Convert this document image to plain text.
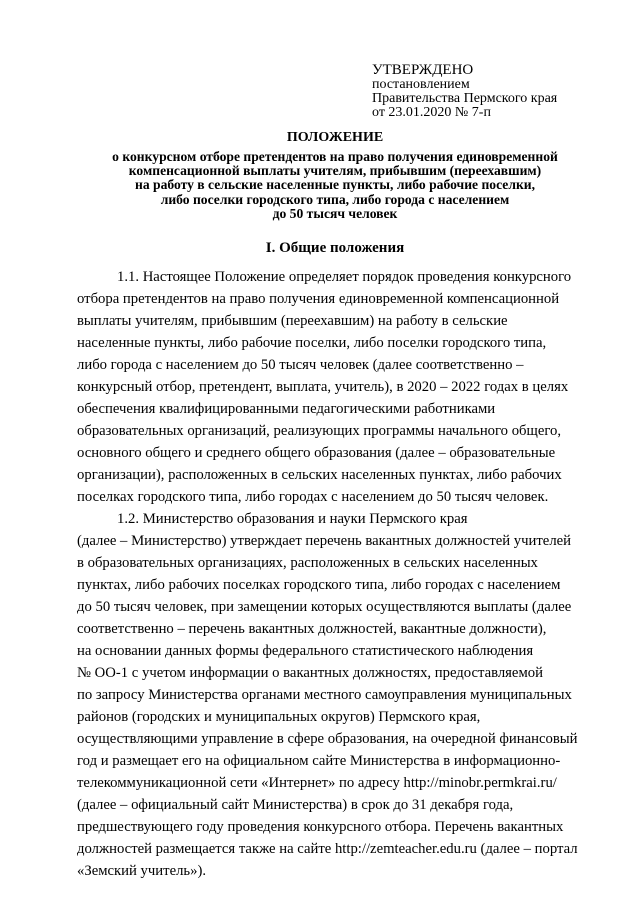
УТВЕРЖДЕНО
постановлением
Правительства Пермского края
от 23.01.2020 № 7-п
ПОЛОЖЕНИЕ
о конкурсном отборе претендентов на право получения единовременной
компенсационной выплаты учителям, прибывшим (переехавшим)
на работу в сельские населенные пункты, либо рабочие поселки,
либо поселки городского типа, либо города с населением
до 50 тысяч человек
I. Общие положения
1.1. Настоящее Положение определяет порядок проведения конкурсного
отбора претендентов на право получения единовременной компенсационной
выплаты учителям, прибывшим (переехавшим) на работу в сельские
населенные пункты, либо рабочие поселки, либо поселки городского типа,
либо города с населением до 50 тысяч человек (далее соответственно –
конкурсный отбор, претендент, выплата, учитель), в 2020 – 2022 годах в целях
обеспечения квалифицированными педагогическими работниками
образовательных организаций, реализующих программы начального общего,
основного общего и среднего общего образования (далее – образовательные
организации), расположенных в сельских населенных пунктах, либо рабочих
поселках городского типа, либо городах с населением до 50 тысяч человек.
1.2. Министерство образования и науки Пермского края
(далее – Министерство) утверждает перечень вакантных должностей учителей
в образовательных организациях, расположенных в сельских населенных
пунктах, либо рабочих поселках городского типа, либо городах с населением
до 50 тысяч человек, при замещении которых осуществляются выплаты (далее
соответственно – перечень вакантных должностей, вакантные должности),
на основании данных формы федерального статистического наблюдения
№ ОО-1 с учетом информации о вакантных должностях, предоставляемой
по запросу Министерства органами местного самоуправления муниципальных
районов (городских и муниципальных округов) Пермского края,
осуществляющими управление в сфере образования, на очередной финансовый
год и размещает его на официальном сайте Министерства в информационно-
телекоммуникационной сети «Интернет» по адресу http://minobr.permkrai.ru/
(далее – официальный сайт Министерства) в срок до 31 декабря года,
предшествующего году проведения конкурсного отбора. Перечень вакантных
должностей размещается также на сайте http://zemteacher.edu.ru (далее – портал
«Земский учитель»).
